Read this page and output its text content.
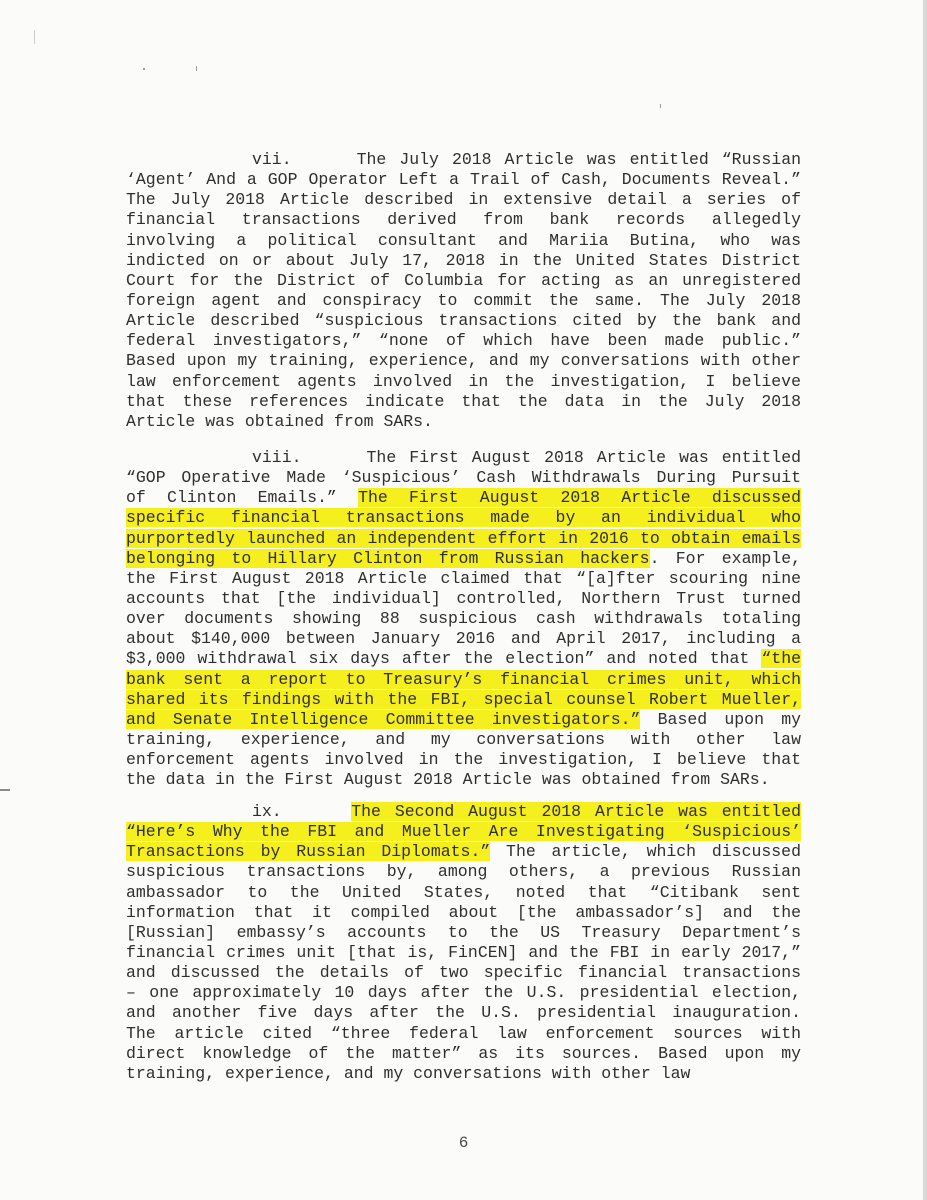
vii.	The July 2018 Article was entitled “Russian
‘Agent’ And a GOP Operator Left a Trail of Cash, Documents Reveal.”
The July 2018 Article described in extensive detail a series of
financial transactions derived from bank records allegedly
involving a political consultant and Mariia Butina, who was
indicted on or about July 17, 2018 in the United States District
Court for the District of Columbia for acting as an unregistered
foreign agent and conspiracy to commit the same. The July 2018
Article described “suspicious transactions cited by the bank and
federal investigators,” “none of which have been made public.”
Based upon my training, experience, and my conversations with other
law enforcement agents involved in the investigation, I believe
that these references indicate that the data in the July 2018
Article was obtained from SARs.
viii.	The First August 2018 Article was entitled
“GOP Operative Made ‘Suspicious’ Cash Withdrawals During Pursuit
of Clinton Emails.” The First August 2018 Article discussed
specific financial transactions made by an individual who
purportedly launched an independent effort in 2016 to obtain emails
belonging to Hillary Clinton from Russian hackers. For example,
the First August 2018 Article claimed that “[a]fter scouring nine
accounts that [the individual] controlled, Northern Trust turned
over documents showing 88 suspicious cash withdrawals totaling
about $140,000 between January 2016 and April 2017, including a
$3,000 withdrawal six days after the election” and noted that “the
bank sent a report to Treasury’s financial crimes unit, which
shared its findings with the FBI, special counsel Robert Mueller,
and Senate Intelligence Committee investigators.” Based upon my
training, experience, and my conversations with other law
enforcement agents involved in the investigation, I believe that
the data in the First August 2018 Article was obtained from SARs.
ix.	The Second August 2018 Article was entitled
“Here’s Why the FBI and Mueller Are Investigating ‘Suspicious’
Transactions by Russian Diplomats.” The article, which discussed
suspicious transactions by, among others, a previous Russian
ambassador to the United States, noted that “Citibank sent
information that it compiled about [the ambassador’s] and the
[Russian] embassy’s accounts to the US Treasury Department’s
financial crimes unit [that is, FinCEN] and the FBI in early 2017,”
and discussed the details of two specific financial transactions
– one approximately 10 days after the U.S. presidential election,
and another five days after the U.S. presidential inauguration.
The article cited “three federal law enforcement sources with
direct knowledge of the matter” as its sources. Based upon my
training, experience, and my conversations with other law
6
